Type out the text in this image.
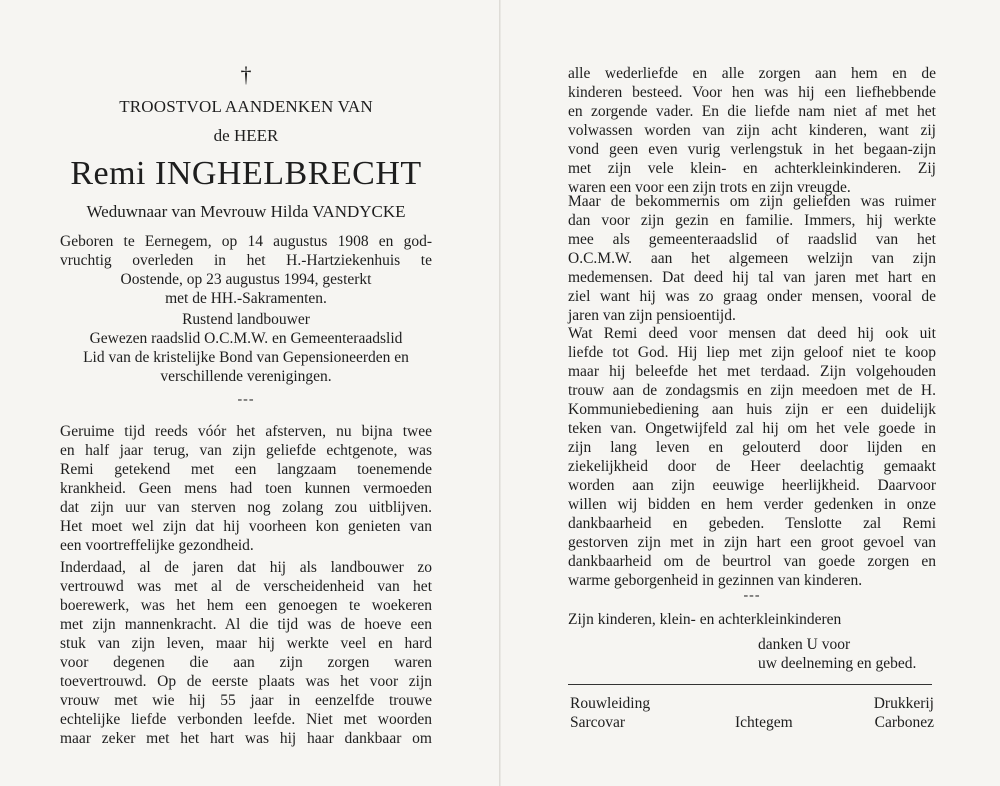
†
TROOSTVOL AANDENKEN VAN
de HEER
Remi INGHELBRECHT
Weduwnaar van Mevrouw Hilda VANDYCKE
Geboren te Eernegem, op 14 augustus 1908 en god-
vruchtig overleden in het H.-Hartziekenhuis te
Oostende, op 23 augustus 1994, gesterkt
met de HH.-Sakramenten.
Rustend landbouwer
Gewezen raadslid O.C.M.W. en Gemeenteraadslid
Lid van de kristelijke Bond van Gepensioneerden en
verschillende verenigingen.
---
Geruime tijd reeds vóór het afsterven, nu bijna twee
en half jaar terug, van zijn geliefde echtgenote, was
Remi getekend met een langzaam toenemende
krankheid. Geen mens had toen kunnen vermoeden
dat zijn uur van sterven nog zolang zou uitblijven.
Het moet wel zijn dat hij voorheen kon genieten van
een voortreffelijke gezondheid.
Inderdaad, al de jaren dat hij als landbouwer zo
vertrouwd was met al de verscheidenheid van het
boerewerk, was het hem een genoegen te woekeren
met zijn mannenkracht. Al die tijd was de hoeve een
stuk van zijn leven, maar hij werkte veel en hard
voor degenen die aan zijn zorgen waren
toevertrouwd. Op de eerste plaats was het voor zijn
vrouw met wie hij 55 jaar in eenzelfde trouwe
echtelijke liefde verbonden leefde. Niet met woorden
maar zeker met het hart was hij haar dankbaar om
alle wederliefde en alle zorgen aan hem en de
kinderen besteed. Voor hen was hij een liefhebbende
en zorgende vader. En die liefde nam niet af met het
volwassen worden van zijn acht kinderen, want zij
vond geen even vurig verlengstuk in het begaan-zijn
met zijn vele klein- en achterkleinkinderen. Zij
waren een voor een zijn trots en zijn vreugde.
Maar de bekommernis om zijn geliefden was ruimer
dan voor zijn gezin en familie. Immers, hij werkte
mee als gemeenteraadslid of raadslid van het
O.C.M.W. aan het algemeen welzijn van zijn
medemensen. Dat deed hij tal van jaren met hart en
ziel want hij was zo graag onder mensen, vooral de
jaren van zijn pensioentijd.
Wat Remi deed voor mensen dat deed hij ook uit
liefde tot God. Hij liep met zijn geloof niet te koop
maar hij beleefde het met terdaad. Zijn volgehouden
trouw aan de zondagsmis en zijn meedoen met de H.
Kommuniebediening aan huis zijn er een duidelijk
teken van. Ongetwijfeld zal hij om het vele goede in
zijn lang leven en gelouterd door lijden en
ziekelijkheid door de Heer deelachtig gemaakt
worden aan zijn eeuwige heerlijkheid. Daarvoor
willen wij bidden en hem verder gedenken in onze
dankbaarheid en gebeden. Tenslotte zal Remi
gestorven zijn met in zijn hart een groot gevoel van
dankbaarheid om de beurtrol van goede zorgen en
warme geborgenheid in gezinnen van kinderen.
---
Zijn kinderen, klein- en achterkleinkinderen
danken U voor
uw deelneming en gebed.
Rouwleiding
Sarcovar	Ichtegem
Drukkerij
Carbonez
